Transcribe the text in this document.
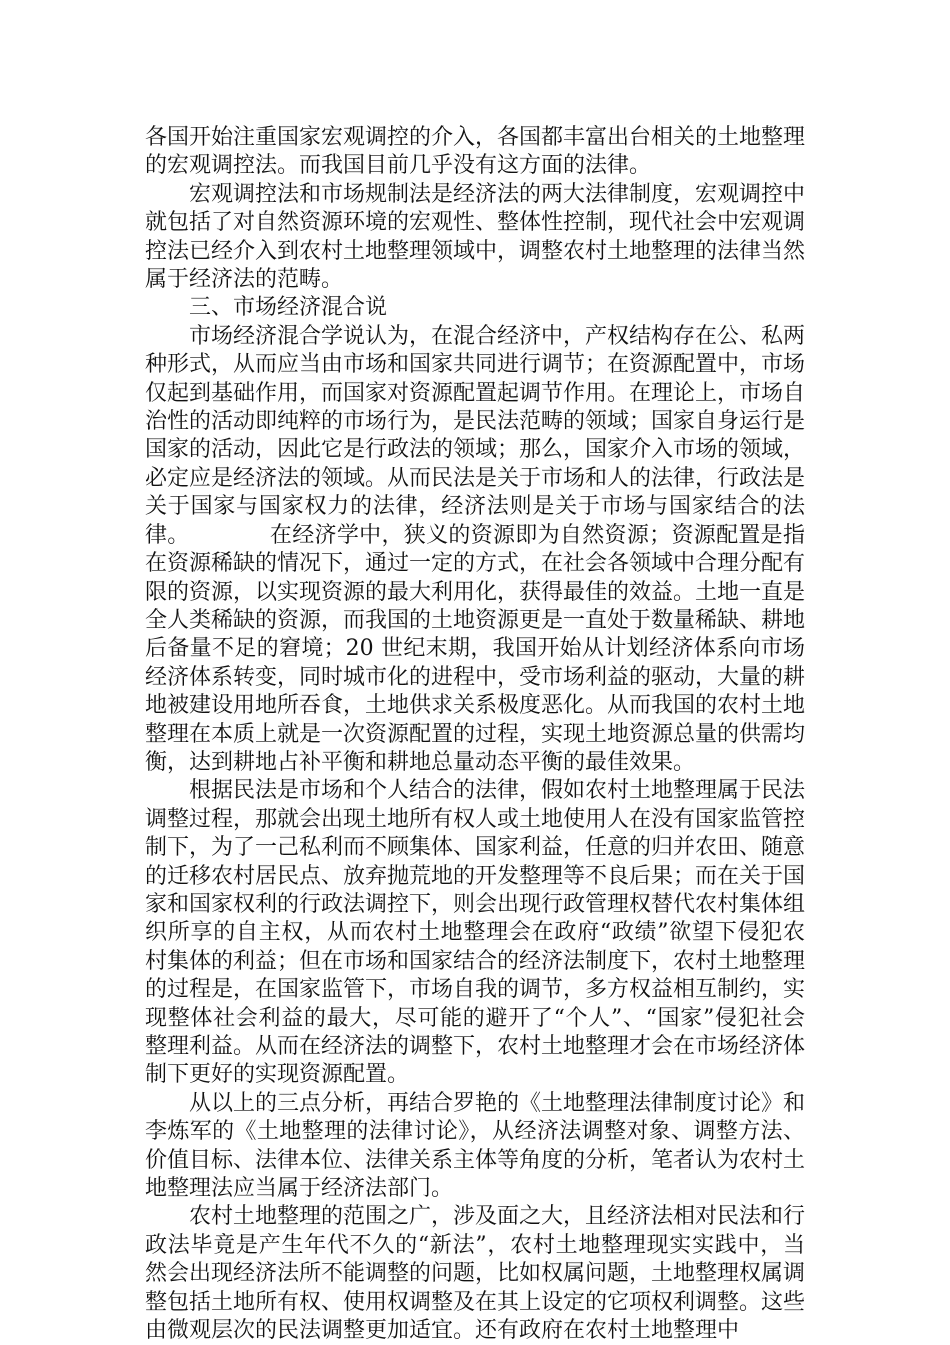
各国开始注重国家宏观调控的介入，各国都丰富出台相关的土地整理的宏观调控法。而我国目前几乎没有这方面的法律。

宏观调控法和市场规制法是经济法的两大法律制度，宏观调控中就包括了对自然资源环境的宏观性、整体性控制，现代社会中宏观调控法已经介入到农村土地整理领域中，调整农村土地整理的法律当然属于经济法的范畴。

三、市场经济混合说

市场经济混合学说认为，在混合经济中，产权结构存在公、私两种形式，从而应当由市场和国家共同进行调节；在资源配置中，市场仅起到基础作用，而国家对资源配置起调节作用。在理论上，市场自治性的活动即纯粹的市场行为，是民法范畴的领域；国家自身运行是国家的活动，因此它是行政法的领域；那么，国家介入市场的领域，必定应是经济法的领域。从而民法是关于市场和人的法律，行政法是关于国家与国家权力的法律，经济法则是关于市场与国家结合的法律。	在经济学中，狭义的资源即为自然资源；资源配置是指在资源稀缺的情况下，通过一定的方式，在社会各领域中合理分配有限的资源，以实现资源的最大利用化，获得最佳的效益。土地一直是全人类稀缺的资源，而我国的土地资源更是一直处于数量稀缺、耕地后备量不足的窘境；20 世纪末期，我国开始从计划经济体系向市场经济体系转变，同时城市化的进程中，受市场利益的驱动，大量的耕地被建设用地所吞食，土地供求关系极度恶化。从而我国的农村土地整理在本质上就是一次资源配置的过程，实现土地资源总量的供需均衡，达到耕地占补平衡和耕地总量动态平衡的最佳效果。

根据民法是市场和个人结合的法律，假如农村土地整理属于民法调整过程，那就会出现土地所有权人或土地使用人在没有国家监管控制下，为了一己私利而不顾集体、国家利益，任意的归并农田、随意的迁移农村居民点、放弃抛荒地的开发整理等不良后果；而在关于国家和国家权利的行政法调控下，则会出现行政管理权替代农村集体组织所享的自主权，从而农村土地整理会在政府“政绩”欲望下侵犯农村集体的利益；但在市场和国家结合的经济法制度下，农村土地整理的过程是，在国家监管下，市场自我的调节，多方权益相互制约，实现整体社会利益的最大，尽可能的避开了“个人”、“国家”侵犯社会整理利益。从而在经济法的调整下，农村土地整理才会在市场经济体制下更好的实现资源配置。

从以上的三点分析，再结合罗艳的《土地整理法律制度讨论》和李炼军的《土地整理的法律讨论》，从经济法调整对象、调整方法、价值目标、法律本位、法律关系主体等角度的分析，笔者认为农村土地整理法应当属于经济法部门。

农村土地整理的范围之广，涉及面之大，且经济法相对民法和行政法毕竟是产生年代不久的“新法”，农村土地整理现实实践中，当然会出现经济法所不能调整的问题，比如权属问题，土地整理权属调整包括土地所有权、使用权调整及在其上设定的它项权利调整。这些由微观层次的民法调整更加适宜。还有政府在农村土地整理中
